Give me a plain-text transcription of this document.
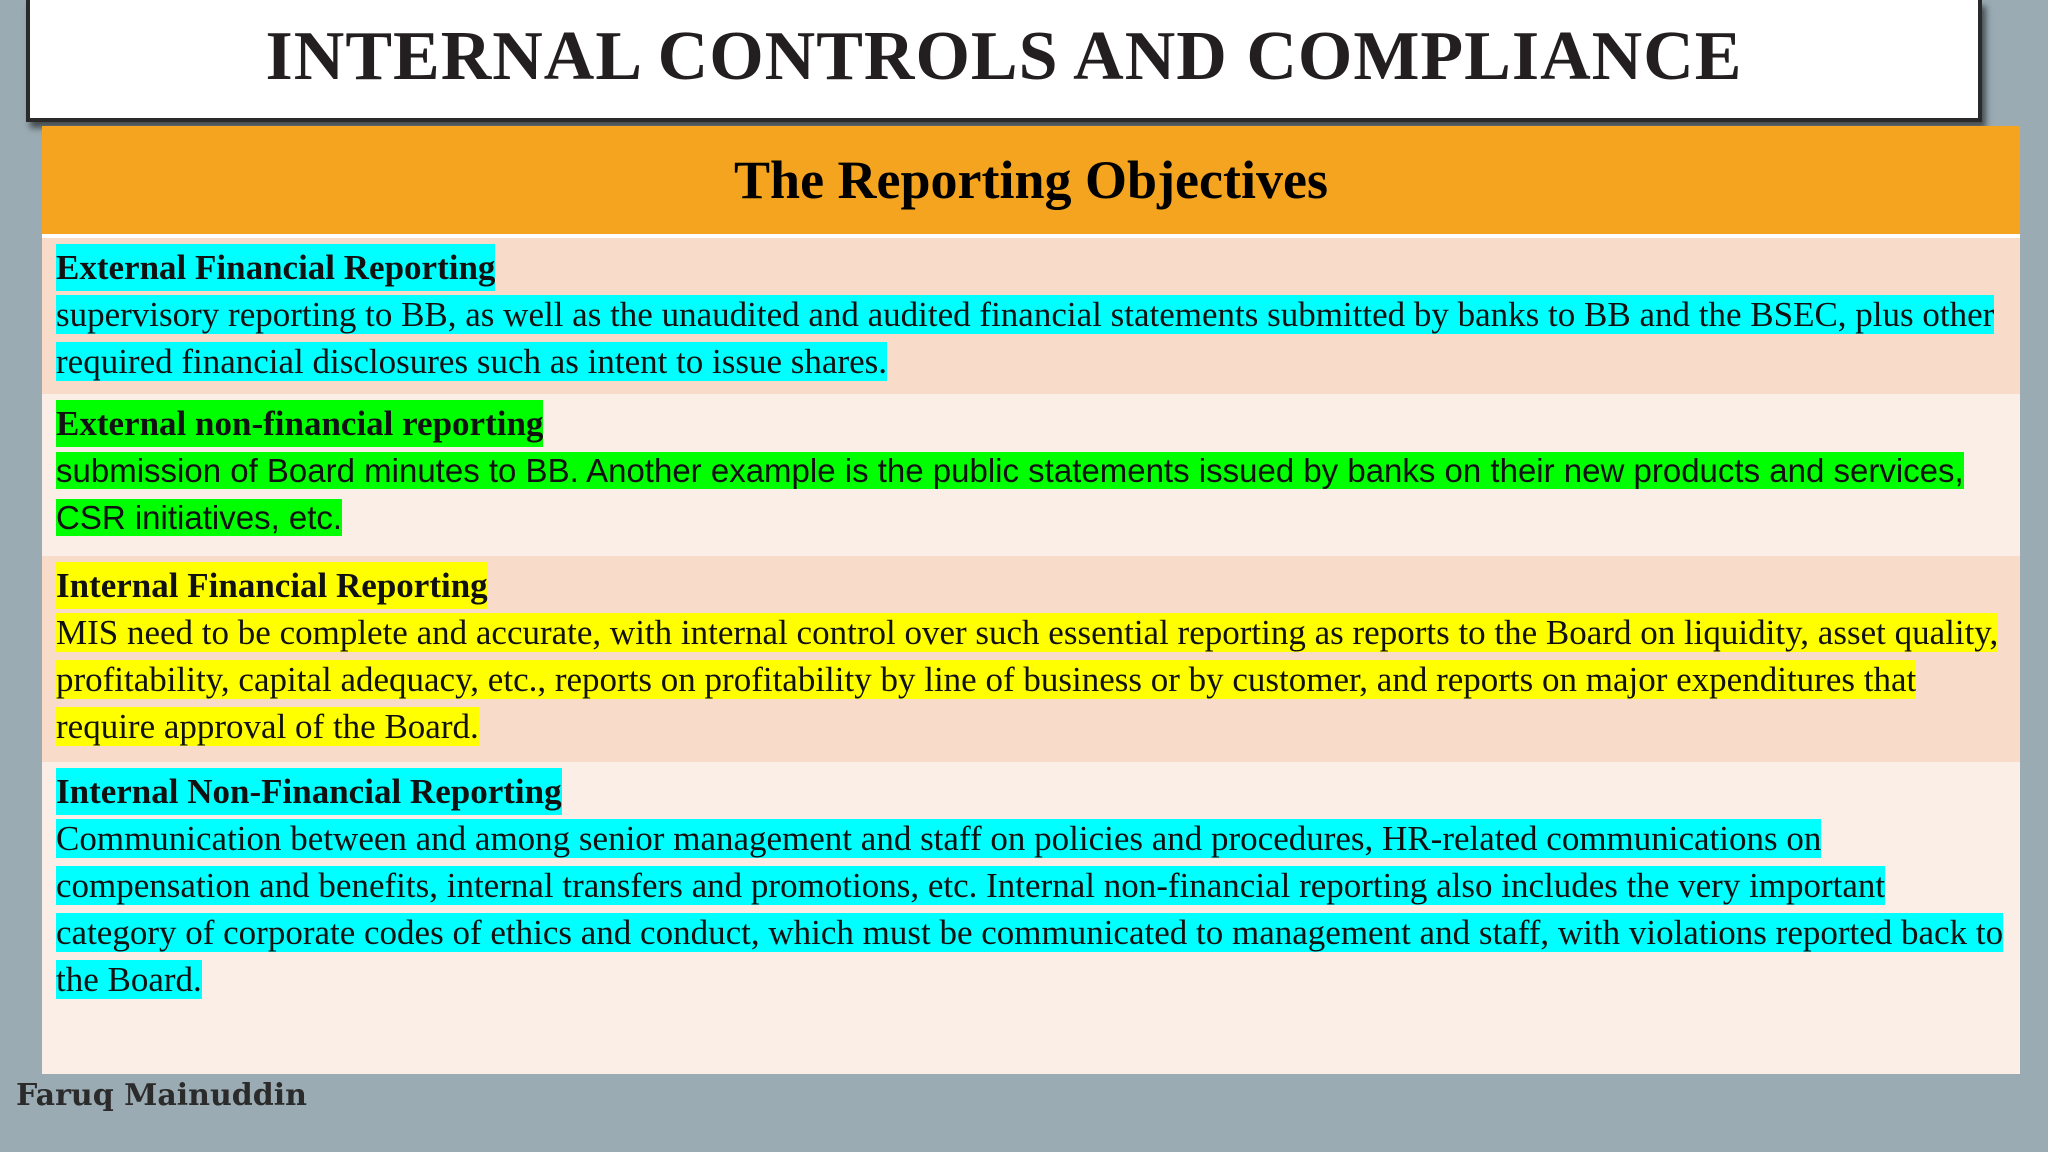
INTERNAL CONTROLS AND COMPLIANCE
The Reporting Objectives
External Financial Reporting
supervisory reporting to BB, as well as the unaudited and audited financial statements submitted by banks to BB and the BSEC, plus other required financial disclosures such as intent to issue shares.
External non-financial reporting
submission of Board minutes to BB. Another example is the public statements issued by banks on their new products and services, CSR initiatives, etc.
Internal Financial Reporting
MIS need to be complete and accurate, with internal control over such essential reporting as reports to the Board on liquidity, asset quality, profitability, capital adequacy, etc., reports on profitability by line of business or by customer, and reports on major expenditures that require approval of the Board.
Internal Non-Financial Reporting
Communication between and among senior management and staff on policies and procedures, HR-related communications on compensation and benefits, internal transfers and promotions, etc. Internal non-financial reporting also includes the very important category of corporate codes of ethics and conduct, which must be communicated to management and staff, with violations reported back to the Board.
Faruq Mainuddin
